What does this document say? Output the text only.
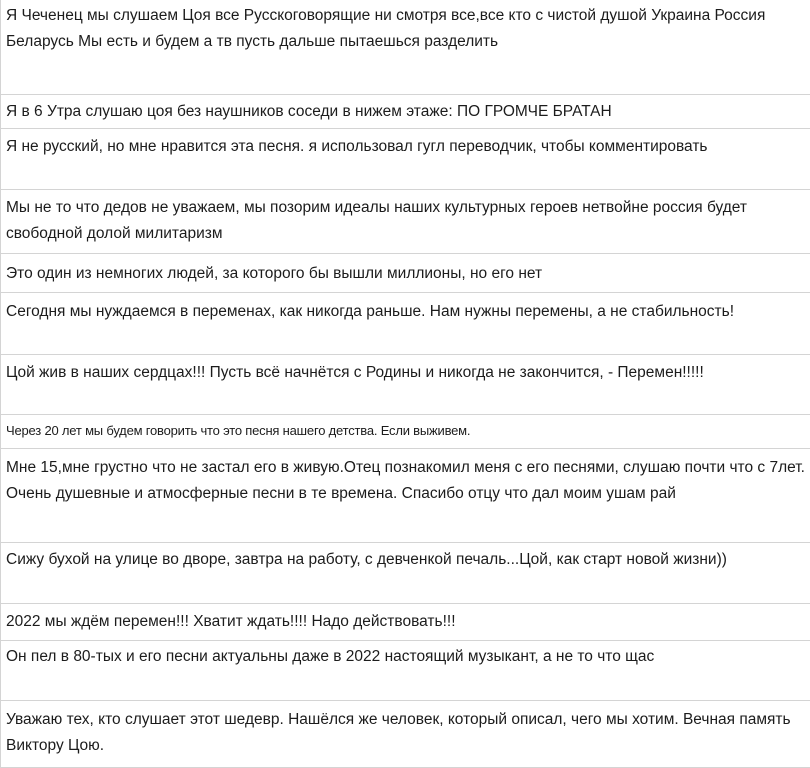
Я Чеченец мы слушаем Цоя все Русскоговорящие ни смотря все,все кто с чистой душой Украина Россия Беларусь Мы есть и будем а тв пусть дальше пытаешься разделить
Я в 6 Утра слушаю цоя без наушников соседи в нижем этаже: ПО ГРОМЧЕ БРАТАН
Я не русский, но мне нравится эта песня. я использовал гугл переводчик, чтобы комментировать
Мы не то что дедов не уважаем, мы позорим идеалы наших культурных героев нетвойне россия будет свободной долой милитаризм
Это один из немногих людей, за которого бы вышли миллионы, но его нет
Сегодня мы нуждаемся в переменах, как никогда раньше. Нам нужны перемены, а не стабильность!
Цой жив в наших сердцах!!! Пусть всё начнётся с Родины и никогда не закончится, - Перемен!!!!!
Через 20 лет мы будем говорить что это песня нашего детства. Если выживем.
Мне 15,мне грустно что не застал его в живую.Отец познакомил меня с его песнями, слушаю почти что с 7лет. Очень душевные и атмосферные песни в те времена. Спасибо отцу что дал моим ушам рай
Сижу бухой на улице во дворе, завтра на работу, с девченкой печаль...Цой, как старт новой жизни))
2022 мы ждём перемен!!! Хватит ждать!!!! Надо действовать!!!
Он пел в 80-тых и его песни актуальны даже в 2022 настоящий музыкант, а не то что щас
Уважаю тех, кто слушает этот шедевр. Нашёлся же человек, который описал, чего мы хотим. Вечная память Виктору Цою.
